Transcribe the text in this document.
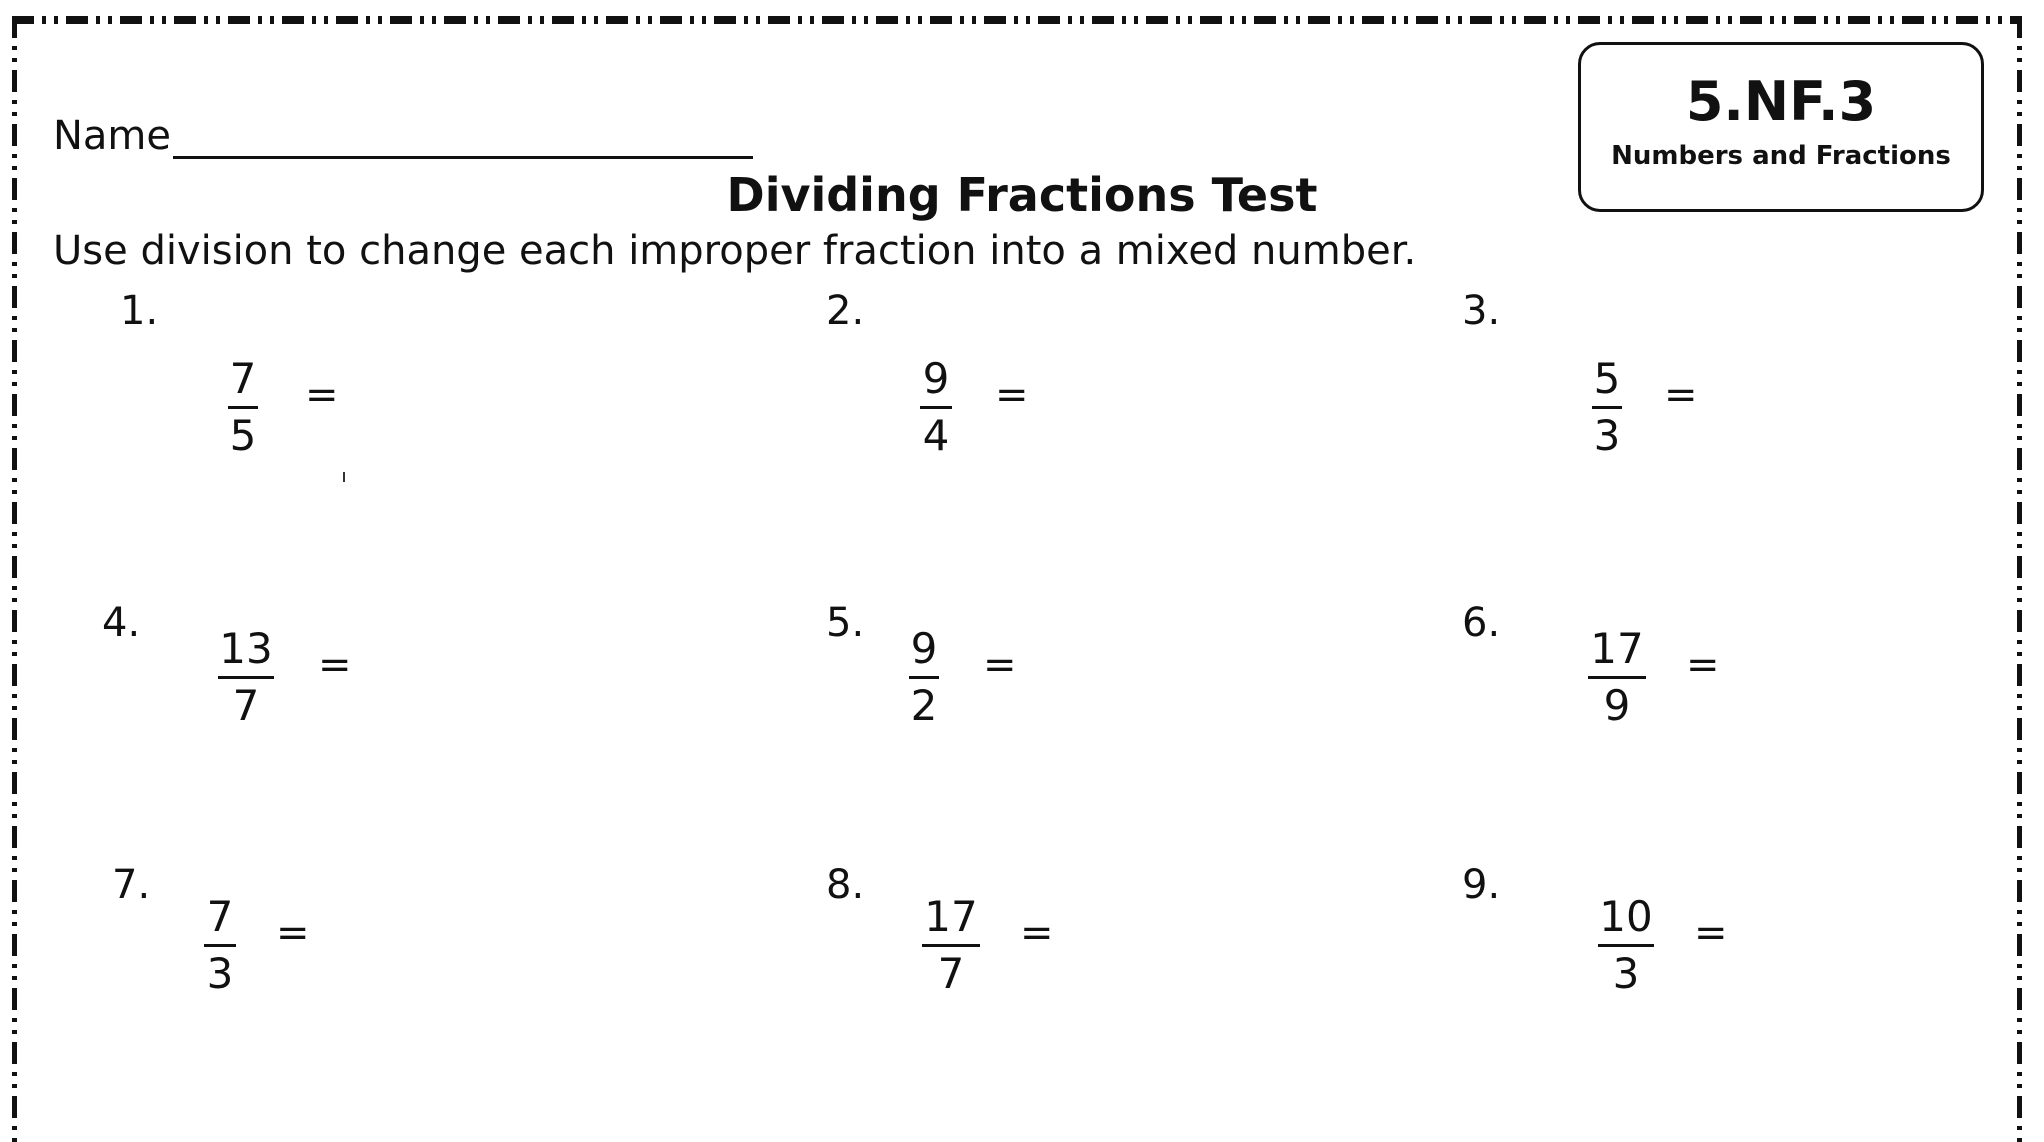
Name
5.NF.3
Numbers and Fractions
Dividing Fractions Test
Use division to change each improper fraction into a mixed number.
1.
7
5
=
2.
9
4
=
3.
5
3
=
4.
13
7
=
5.
9
2
=
6.
17
9
=
7.
7
3
=
8.
17
7
=
9.
10
3
=
